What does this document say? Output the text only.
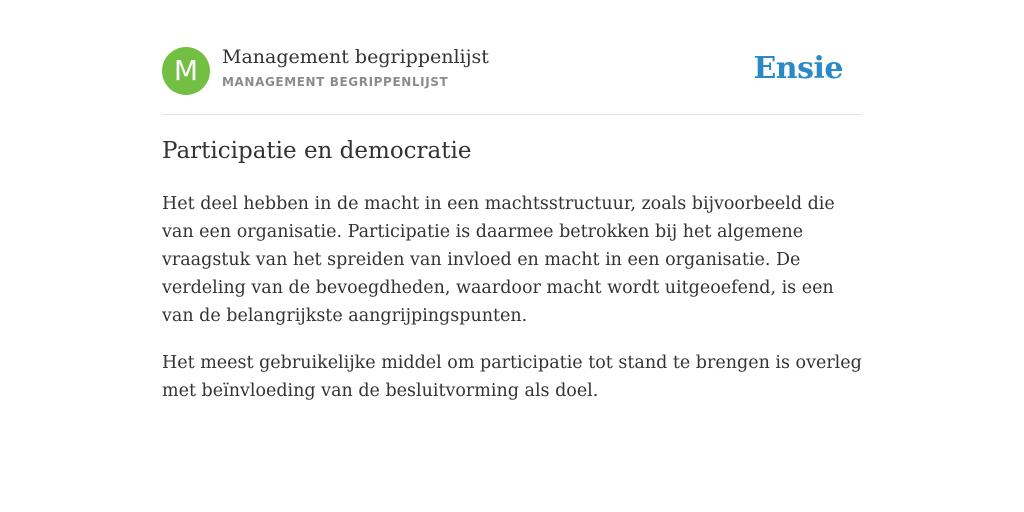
M	Management begrippenlijst
MANAGEMENT BEGRIPPENLIJST	Ensie
Participatie en democratie

Het deel hebben in de macht in een machtsstructuur, zoals bijvoorbeeld die van een organisatie. Participatie is daarmee betrokken bij het algemene vraagstuk van het spreiden van invloed en macht in een organisatie. De verdeling van de bevoegdheden, waardoor macht wordt uitgeoefend, is een van de belangrijkste aangrijpingspunten.

Het meest gebruikelijke middel om participatie tot stand te brengen is overleg met beïnvloeding van de besluitvorming als doel.
